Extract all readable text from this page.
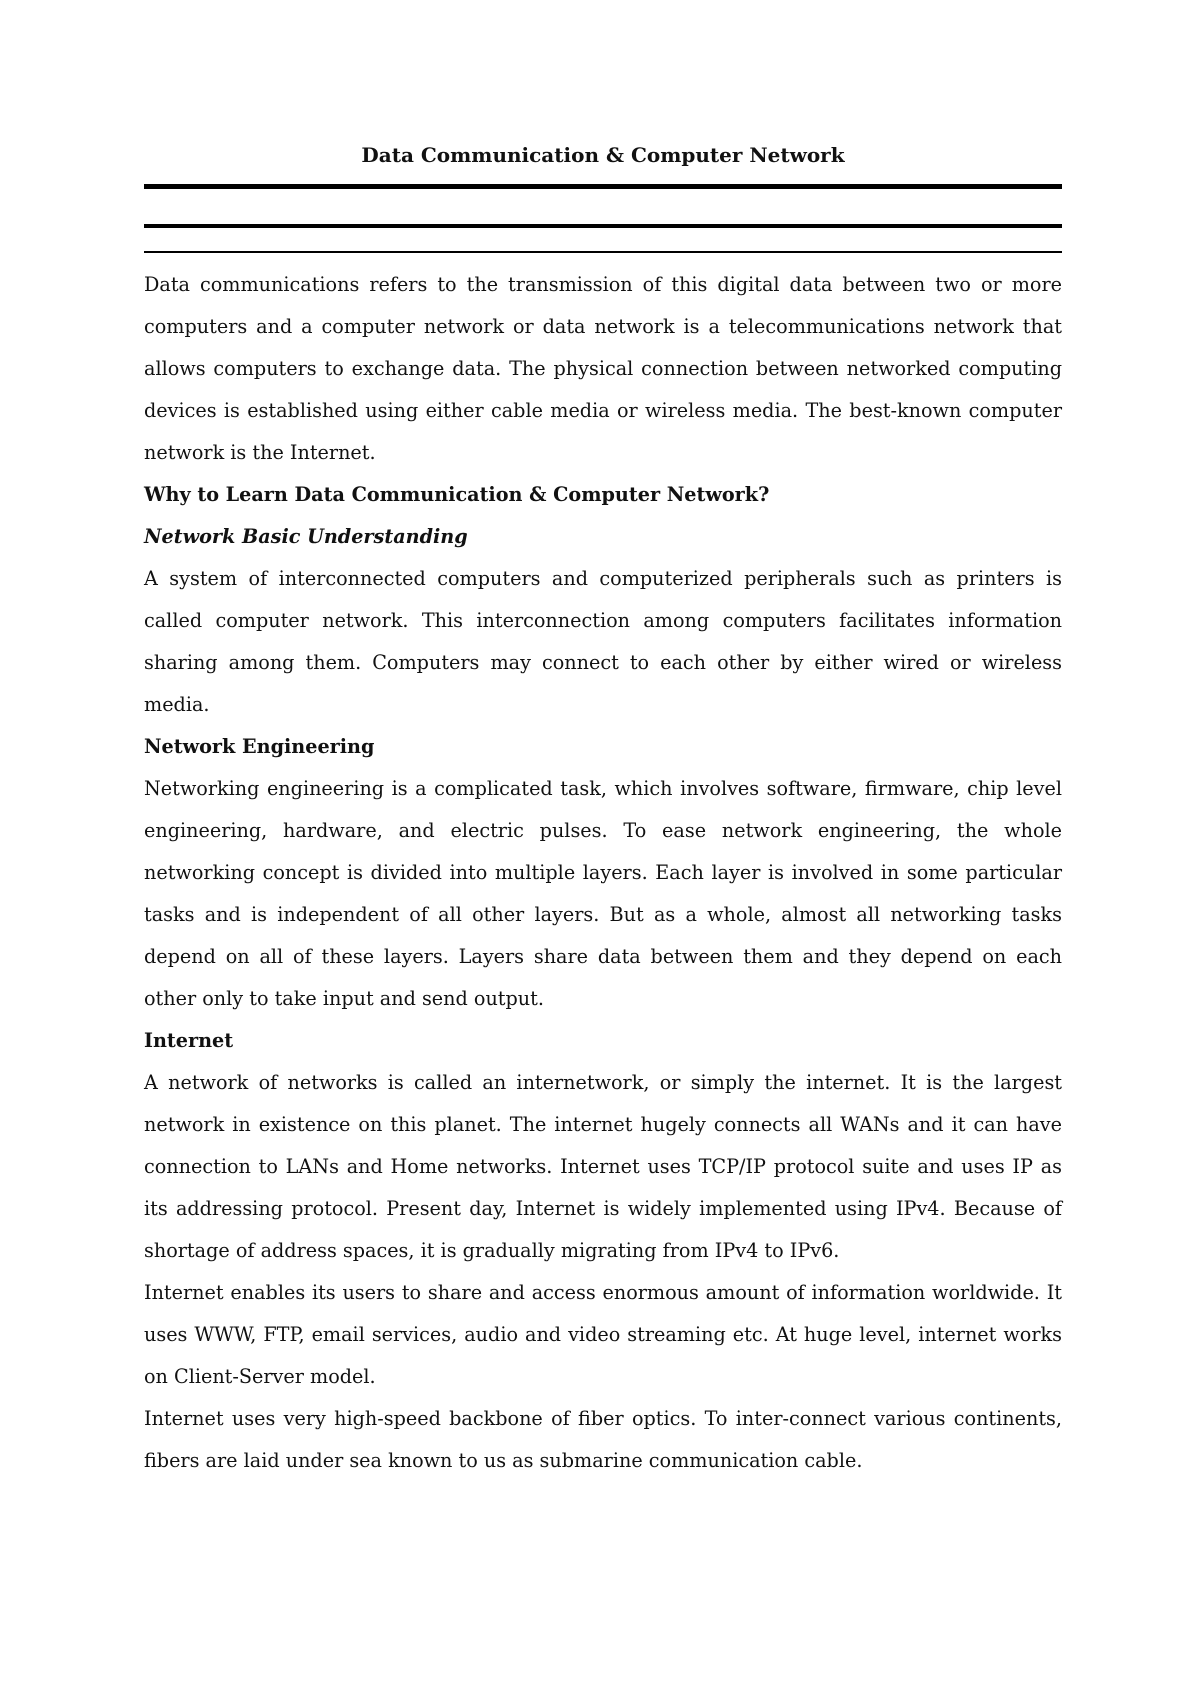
Data Communication & Computer Network

Data communications refers to the transmission of this digital data between two or more computers and a computer network or data network is a telecommunications network that allows computers to exchange data. The physical connection between networked computing devices is established using either cable media or wireless media. The best-known computer network is the Internet.

Why to Learn Data Communication & Computer Network?
Network Basic Understanding

A system of interconnected computers and computerized peripherals such as printers is called computer network. This interconnection among computers facilitates information sharing among them. Computers may connect to each other by either wired or wireless media.

Network Engineering

Networking engineering is a complicated task, which involves software, firmware, chip level engineering, hardware, and electric pulses. To ease network engineering, the whole networking concept is divided into multiple layers. Each layer is involved in some particular tasks and is independent of all other layers. But as a whole, almost all networking tasks depend on all of these layers. Layers share data between them and they depend on each other only to take input and send output.

Internet

A network of networks is called an internetwork, or simply the internet. It is the largest network in existence on this planet. The internet hugely connects all WANs and it can have connection to LANs and Home networks. Internet uses TCP/IP protocol suite and uses IP as its addressing protocol. Present day, Internet is widely implemented using IPv4. Because of shortage of address spaces, it is gradually migrating from IPv4 to IPv6.

Internet enables its users to share and access enormous amount of information worldwide. It uses WWW, FTP, email services, audio and video streaming etc. At huge level, internet works on Client-Server model.

Internet uses very high-speed backbone of fiber optics. To inter-connect various continents, fibers are laid under sea known to us as submarine communication cable.
